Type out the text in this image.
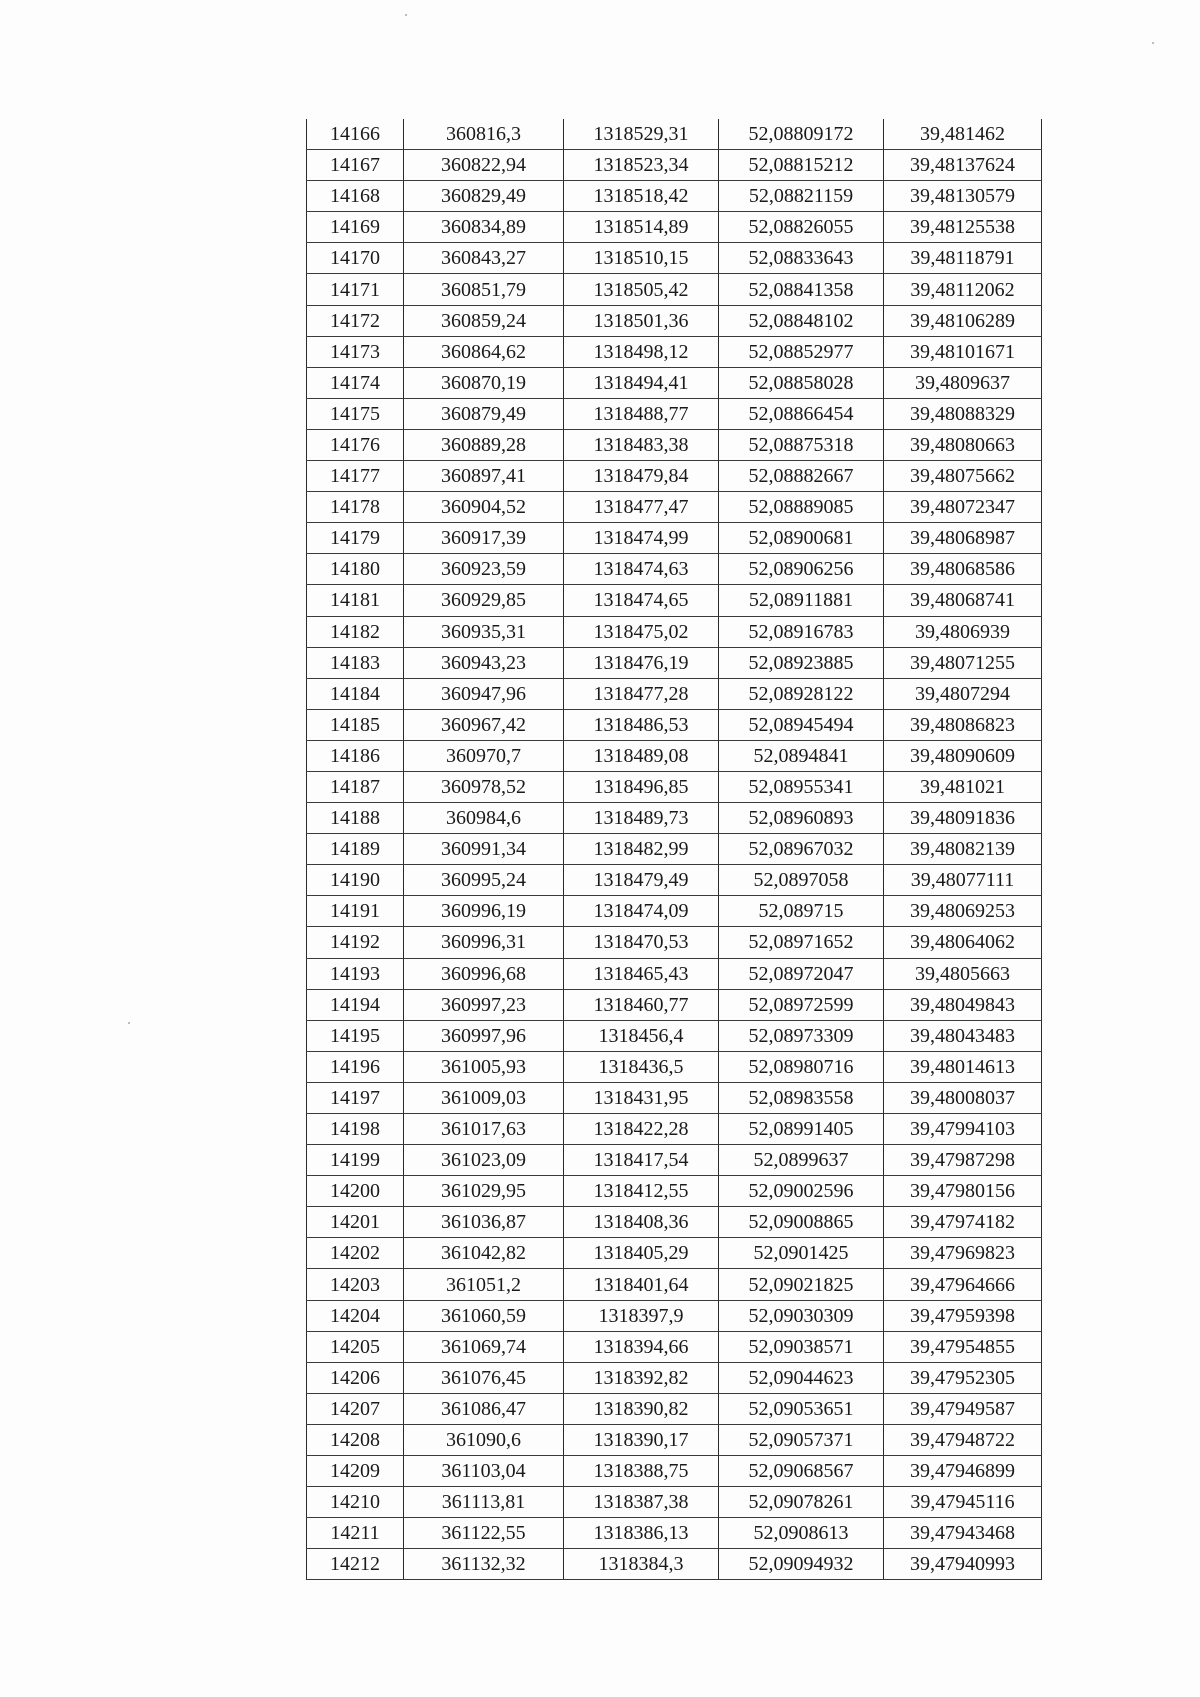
14166	360816,3	1318529,31	52,08809172	39,481462
14167	360822,94	1318523,34	52,08815212	39,48137624
14168	360829,49	1318518,42	52,08821159	39,48130579
14169	360834,89	1318514,89	52,08826055	39,48125538
14170	360843,27	1318510,15	52,08833643	39,48118791
14171	360851,79	1318505,42	52,08841358	39,48112062
14172	360859,24	1318501,36	52,08848102	39,48106289
14173	360864,62	1318498,12	52,08852977	39,48101671
14174	360870,19	1318494,41	52,08858028	39,4809637
14175	360879,49	1318488,77	52,08866454	39,48088329
14176	360889,28	1318483,38	52,08875318	39,48080663
14177	360897,41	1318479,84	52,08882667	39,48075662
14178	360904,52	1318477,47	52,08889085	39,48072347
14179	360917,39	1318474,99	52,08900681	39,48068987
14180	360923,59	1318474,63	52,08906256	39,48068586
14181	360929,85	1318474,65	52,08911881	39,48068741
14182	360935,31	1318475,02	52,08916783	39,4806939
14183	360943,23	1318476,19	52,08923885	39,48071255
14184	360947,96	1318477,28	52,08928122	39,4807294
14185	360967,42	1318486,53	52,08945494	39,48086823
14186	360970,7	1318489,08	52,0894841	39,48090609
14187	360978,52	1318496,85	52,08955341	39,481021
14188	360984,6	1318489,73	52,08960893	39,48091836
14189	360991,34	1318482,99	52,08967032	39,48082139
14190	360995,24	1318479,49	52,0897058	39,48077111
14191	360996,19	1318474,09	52,089715	39,48069253
14192	360996,31	1318470,53	52,08971652	39,48064062
14193	360996,68	1318465,43	52,08972047	39,4805663
14194	360997,23	1318460,77	52,08972599	39,48049843
14195	360997,96	1318456,4	52,08973309	39,48043483
14196	361005,93	1318436,5	52,08980716	39,48014613
14197	361009,03	1318431,95	52,08983558	39,48008037
14198	361017,63	1318422,28	52,08991405	39,47994103
14199	361023,09	1318417,54	52,0899637	39,47987298
14200	361029,95	1318412,55	52,09002596	39,47980156
14201	361036,87	1318408,36	52,09008865	39,47974182
14202	361042,82	1318405,29	52,0901425	39,47969823
14203	361051,2	1318401,64	52,09021825	39,47964666
14204	361060,59	1318397,9	52,09030309	39,47959398
14205	361069,74	1318394,66	52,09038571	39,47954855
14206	361076,45	1318392,82	52,09044623	39,47952305
14207	361086,47	1318390,82	52,09053651	39,47949587
14208	361090,6	1318390,17	52,09057371	39,47948722
14209	361103,04	1318388,75	52,09068567	39,47946899
14210	361113,81	1318387,38	52,09078261	39,47945116
14211	361122,55	1318386,13	52,0908613	39,47943468
14212	361132,32	1318384,3	52,09094932	39,47940993
